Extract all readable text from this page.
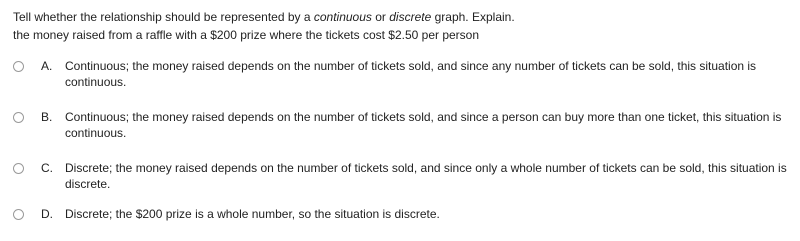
Tell whether the relationship should be represented by a continuous or discrete graph. Explain.
the money raised from a raffle with a $200 prize where the tickets cost $2.50 per person
A. Continuous; the money raised depends on the number of tickets sold, and since any number of tickets can be sold, this situation is continuous.
B. Continuous; the money raised depends on the number of tickets sold, and since a person can buy more than one ticket, this situation is continuous.
C. Discrete; the money raised depends on the number of tickets sold, and since only a whole number of tickets can be sold, this situation is discrete.
D. Discrete; the $200 prize is a whole number, so the situation is discrete.
